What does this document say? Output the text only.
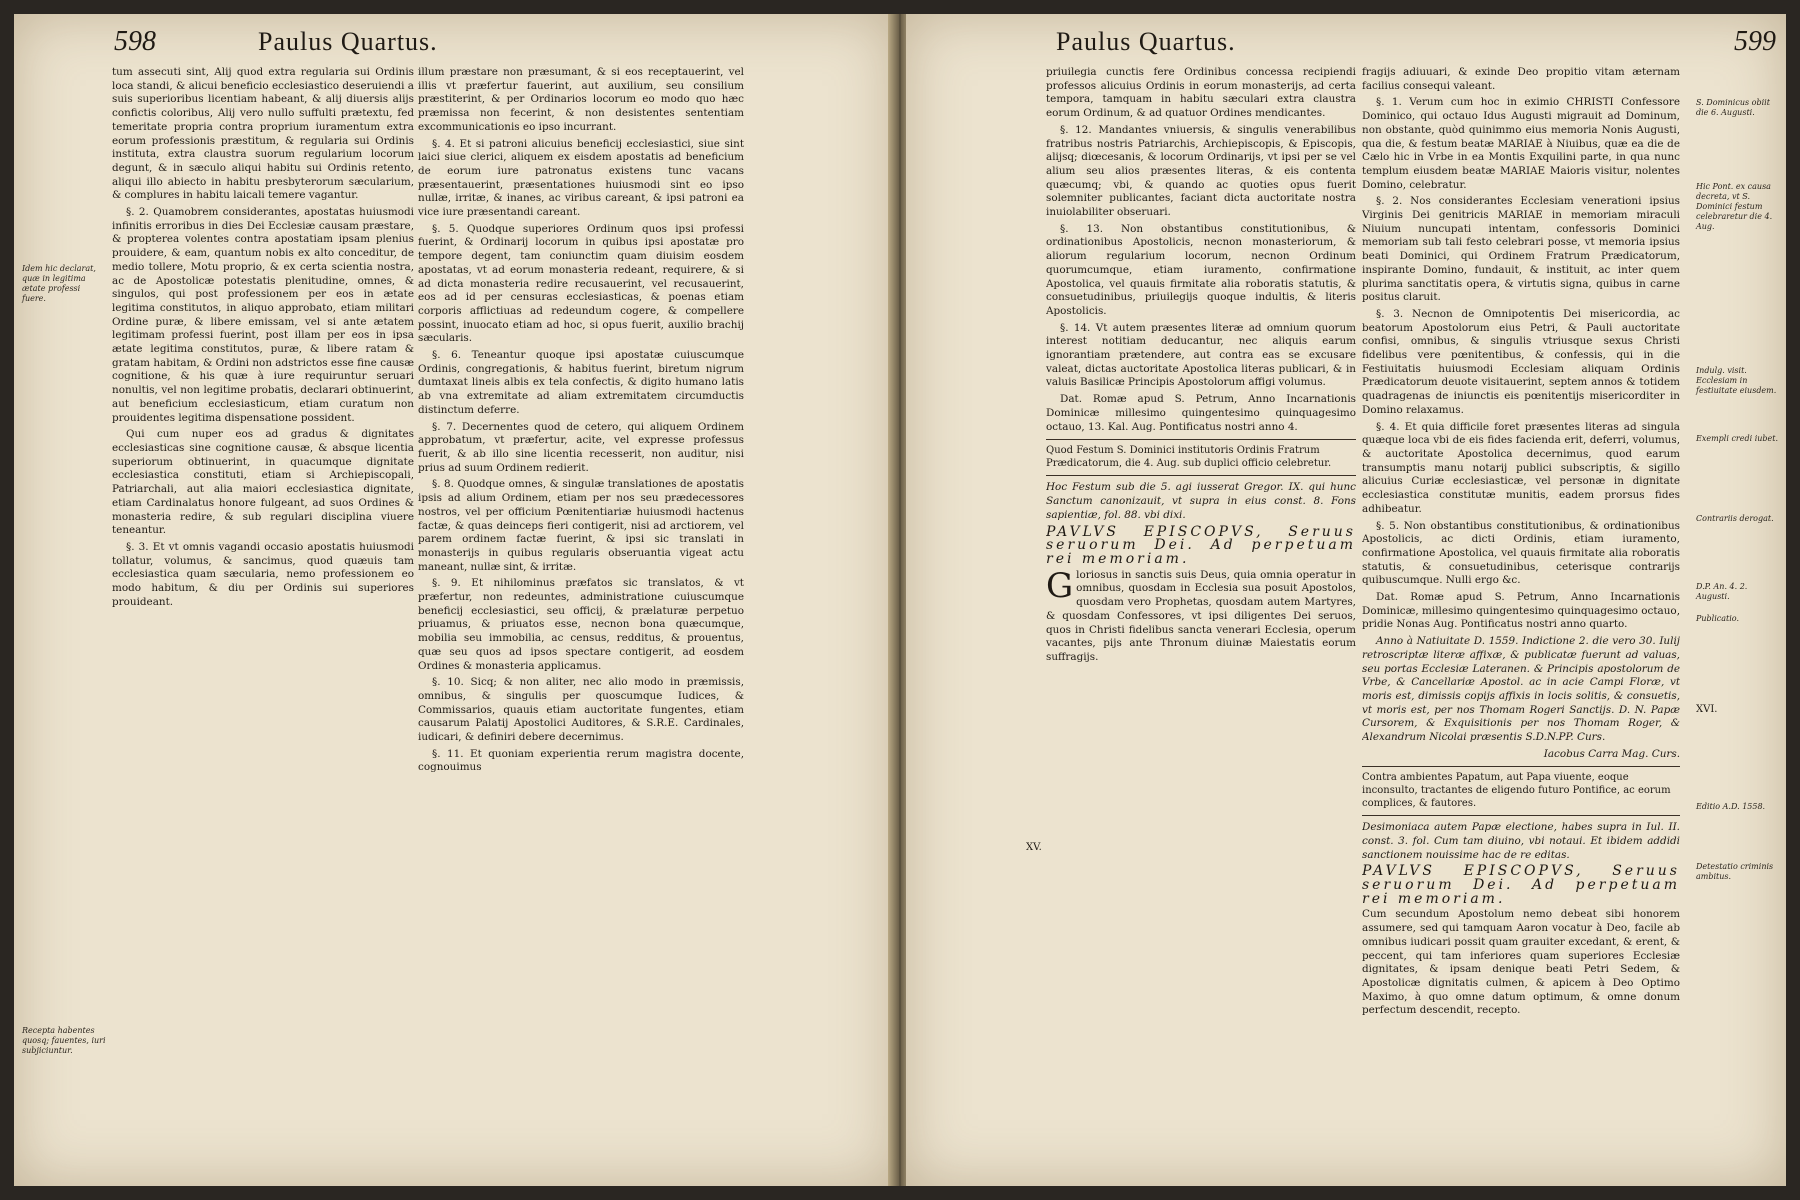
598	Paulus Quartus.
Idem hic declarat, quæ in legitima ætate professi fuere.
Recepta habentes quosq; fauentes, iuri subjiciuntur.

tum assecuti sint, Alij quod extra regularia sui Ordinis loca standi, & alicui beneficio ecclesiastico deseruiendi a suis superioribus licentiam habeant, & alij diuersis alijs confictis coloribus, Alij vero nullo suffulti prætextu, fed temeritate propria contra proprium iuramentum extra eorum professionis præstitum, & regularia sui Ordinis instituta, extra claustra suorum regularium locorum degunt, & in sæculo aliqui habitu sui Ordinis retento, aliqui illo abiecto in habitu presbyterorum sæcularium, & complures in habitu laicali temere vagantur.

§. 2. Quamobrem considerantes, apostatas huiusmodi infinitis erroribus in dies Dei Ecclesiæ causam præstare, & propterea volentes contra apostatiam ipsam plenius prouidere, & eam, quantum nobis ex alto conceditur, de medio tollere, Motu proprio, & ex certa scientia nostra, ac de Apostolicæ potestatis plenitudine, omnes, & singulos, qui post professionem per eos in ætate legitima constitutos, in aliquo approbato, etiam militari Ordine puræ, & libere emissam, vel si ante ætatem legitimam professi fuerint, post illam per eos in ipsa ætate legitima constitutos, puræ, & libere ratam & gratam habitam, & Ordini non adstrictos esse fine causæ cognitione, & his quæ à iure requiruntur seruari nonultis, vel non legitime probatis, declarari obtinuerint, aut beneficium ecclesiasticum, etiam curatum non prouidentes legitima dispensatione possident.

Qui cum nuper eos ad gradus & dignitates ecclesiasticas sine cognitione causæ, & absque licentia superiorum obtinuerint, in quacumque dignitate ecclesiastica constituti, etiam si Archiepiscopali, Patriarchali, aut alia maiori ecclesiastica dignitate, etiam Cardinalatus honore fulgeant, ad suos Ordines & monasteria redire, & sub regulari disciplina viuere teneantur.

§. 3. Et vt omnis vagandi occasio apostatis huiusmodi tollatur, volumus, & sancimus, quod quæuis tam ecclesiastica quam sæcularia, nemo professionem eo modo habitum, & diu per Ordinis sui superiores prouideant.

illum præstare non præsumant, & si eos receptauerint, vel illis vt præfertur fauerint, aut auxilium, seu consilium præstiterint, & per Ordinarios locorum eo modo quo hæc præmissa non fecerint, & non desistentes sententiam excommunicationis eo ipso incurrant.

§. 4. Et si patroni alicuius beneficij ecclesiastici, siue sint laici siue clerici, aliquem ex eisdem apostatis ad beneficium de eorum iure patronatus existens tunc vacans præsentauerint, præsentationes huiusmodi sint eo ipso nullæ, irritæ, & inanes, ac viribus careant, & ipsi patroni ea vice iure præsentandi careant.

§. 5. Quodque superiores Ordinum quos ipsi professi fuerint, & Ordinarij locorum in quibus ipsi apostatæ pro tempore degent, tam coniunctim quam diuisim eosdem apostatas, vt ad eorum monasteria redeant, requirere, & si ad dicta monasteria redire recusauerint, vel recusauerint, eos ad id per censuras ecclesiasticas, & poenas etiam corporis afflictiuas ad redeundum cogere, & compellere possint, inuocato etiam ad hoc, si opus fuerit, auxilio brachij sæcularis.

§. 6. Teneantur quoque ipsi apostatæ cuiuscumque Ordinis, congregationis, & habitus fuerint, biretum nigrum dumtaxat lineis albis ex tela confectis, & digito humano latis ab vna extremitate ad aliam extremitatem circumductis distinctum deferre.

§. 7. Decernentes quod de cetero, qui aliquem Ordinem approbatum, vt præfertur, acite, vel expresse professus fuerit, & ab illo sine licentia recesserit, non auditur, nisi prius ad suum Ordinem redierit.

§. 8. Quodque omnes, & singulæ translationes de apostatis ipsis ad alium Ordinem, etiam per nos seu prædecessores nostros, vel per officium Pœnitentiariæ huiusmodi hactenus factæ, & quas deinceps fieri contigerit, nisi ad arctiorem, vel parem ordinem factæ fuerint, & ipsi sic translati in monasterijs in quibus regularis obseruantia vigeat actu maneant, nullæ sint, & irritæ.

§. 9. Et nihilominus præfatos sic translatos, & vt præfertur, non redeuntes, administratione cuiuscumque beneficij ecclesiastici, seu officij, & prælaturæ perpetuo priuamus, & priuatos esse, necnon bona quæcumque, mobilia seu immobilia, ac census, redditus, & prouentus, quæ seu quos ad ipsos spectare contigerit, ad eosdem Ordines & monasteria applicamus.

§. 10. Sicq; & non aliter, nec alio modo in præmissis, omnibus, & singulis per quoscumque Iudices, & Commissarios, quauis etiam auctoritate fungentes, etiam causarum Palatij Apostolici Auditores, & S.R.E. Cardinales, iudicari, & definiri debere decernimus.

§. 11. Et quoniam experientia rerum magistra docente, cognouimus

Paulus Quartus.	599
S. Dominicus obiit die 6. Augusti.
Hic Pont. ex causa decreta, vt S. Dominici festum celebraretur die 4. Aug.
Indulg. visit. Ecclesiam in festiuitate eiusdem.
Exempli credi iubet.
Contrariis derogat.
D.P. An. 4. 2. Augusti.
Publicatio.
Editio A.D. 1558.
Detestatio criminis ambitus.
XV.
XVI.

priuilegia cunctis fere Ordinibus concessa recipiendi professos alicuius Ordinis in eorum monasterijs, ad certa tempora, tamquam in habitu sæculari extra claustra eorum Ordinum, & ad quatuor Ordines mendicantes.

§. 12. Mandantes vniuersis, & singulis venerabilibus fratribus nostris Patriarchis, Archiepiscopis, & Episcopis, alijsq; diœcesanis, & locorum Ordinarijs, vt ipsi per se vel alium seu alios præsentes literas, & eis contenta quæcumq; vbi, & quando ac quoties opus fuerit solemniter publicantes, faciant dicta auctoritate nostra inuiolabiliter obseruari.

§. 13. Non obstantibus constitutionibus, & ordinationibus Apostolicis, necnon monasteriorum, & aliorum regularium locorum, necnon Ordinum quorumcumque, etiam iuramento, confirmatione Apostolica, vel quauis firmitate alia roboratis statutis, & consuetudinibus, priuilegijs quoque indultis, & literis Apostolicis.

§. 14. Vt autem præsentes literæ ad omnium quorum interest notitiam deducantur, nec aliquis earum ignorantiam prætendere, aut contra eas se excusare valeat, dictas auctoritate Apostolica literas publicari, & in valuis Basilicæ Principis Apostolorum affigi volumus.

Dat. Romæ apud S. Petrum, Anno Incarnationis Dominicæ millesimo quingentesimo quinquagesimo octauo, 13. Kal. Aug. Pontificatus nostri anno 4.

Quod Festum S. Dominici institutoris Ordinis Fratrum Prædicatorum, die 4. Aug. sub duplici officio celebretur.

Hoc Festum sub die 5. agi iusserat Gregor. IX. qui hunc Sanctum canonizauit, vt supra in eius const. 8. Fons sapientiæ, fol. 88. vbi dixi.

PAVLVS EPISCOPVS, Seruus seruorum Dei. Ad perpetuam rei memoriam.

Gloriosus in sanctis suis Deus, quia omnia operatur in omnibus, quosdam in Ecclesia sua posuit Apostolos, quosdam vero Prophetas, quosdam autem Martyres, & quosdam Confessores, vt ipsi diligentes Dei seruos, quos in Christi fidelibus sancta venerari Ecclesia, operum vacantes, pijs ante Thronum diuinæ Maiestatis eorum suffragijs.

fragijs adiuuari, & exinde Deo propitio vitam æternam facilius consequi valeant.

§. 1. Verum cum hoc in eximio CHRISTI Confessore Dominico, qui octauo Idus Augusti migrauit ad Dominum, non obstante, quòd quinimmo eius memoria Nonis Augusti, qua die, & festum beatæ MARIAE à Niuibus, quæ ea die de Cælo hic in Vrbe in ea Montis Exquilini parte, in qua nunc templum eiusdem beatæ MARIAE Maioris visitur, nolentes Domino, celebratur.

§. 2. Nos considerantes Ecclesiam venerationi ipsius Virginis Dei genitricis MARIAE in memoriam miraculi Niuium nuncupati intentam, confessoris Dominici memoriam sub tali festo celebrari posse, vt memoria ipsius beati Dominici, qui Ordinem Fratrum Prædicatorum, inspirante Domino, fundauit, & instituit, ac inter quem plurima sanctitatis opera, & virtutis signa, quibus in carne positus claruit.

§. 3. Necnon de Omnipotentis Dei misericordia, ac beatorum Apostolorum eius Petri, & Pauli auctoritate confisi, omnibus, & singulis vtriusque sexus Christi fidelibus vere pœnitentibus, & confessis, qui in die Festiuitatis huiusmodi Ecclesiam aliquam Ordinis Prædicatorum deuote visitauerint, septem annos & totidem quadragenas de iniunctis eis pœnitentijs misericorditer in Domino relaxamus.

§. 4. Et quia difficile foret præsentes literas ad singula quæque loca vbi de eis fides facienda erit, deferri, volumus, & auctoritate Apostolica decernimus, quod earum transumptis manu notarij publici subscriptis, & sigillo alicuius Curiæ ecclesiasticæ, vel personæ in dignitate ecclesiastica constitutæ munitis, eadem prorsus fides adhibeatur.

§. 5. Non obstantibus constitutionibus, & ordinationibus Apostolicis, ac dicti Ordinis, etiam iuramento, confirmatione Apostolica, vel quauis firmitate alia roboratis statutis, & consuetudinibus, ceterisque contrarijs quibuscumque. Nulli ergo &c.

Dat. Romæ apud S. Petrum, Anno Incarnationis Dominicæ, millesimo quingentesimo quinquagesimo octauo, pridie Nonas Aug. Pontificatus nostri anno quarto.

Anno à Natiuitate D. 1559. Indictione 2. die vero 30. Iulij retroscriptæ literæ affixæ, & publicatæ fuerunt ad valuas, seu portas Ecclesiæ Lateranen. & Principis apostolorum de Vrbe, & Cancellariæ Apostol. ac in acie Campi Floræ, vt moris est, dimissis copijs affixis in locis solitis, & consuetis, vt moris est, per nos Thomam Rogeri Sanctijs. D. N. Papæ Cursorem, & Exquisitionis per nos Thomam Roger, & Alexandrum Nicolai præsentis S.D.N.PP. Curs.

Iacobus Carra Mag. Curs.

Contra ambientes Papatum, aut Papa viuente, eoque inconsulto, tractantes de eligendo futuro Pontifice, ac eorum complices, & fautores.

Desimoniaca autem Papæ electione, habes supra in Iul. II. const. 3. fol. Cum tam diuino, vbi notaui. Et ibidem addidi sanctionem nouissime hac de re editas.

PAVLVS EPISCOPVS, Seruus seruorum Dei. Ad perpetuam rei memoriam.

Cum secundum Apostolum nemo debeat sibi honorem assumere, sed qui tamquam Aaron vocatur à Deo, facile ab omnibus iudicari possit quam grauiter excedant, & erent, & peccent, qui tam inferiores quam superiores Ecclesiæ dignitates, & ipsam denique beati Petri Sedem, & Apostolicæ dignitatis culmen, & apicem à Deo Optimo Maximo, à quo omne datum optimum, & omne donum perfectum descendit, recepto.
